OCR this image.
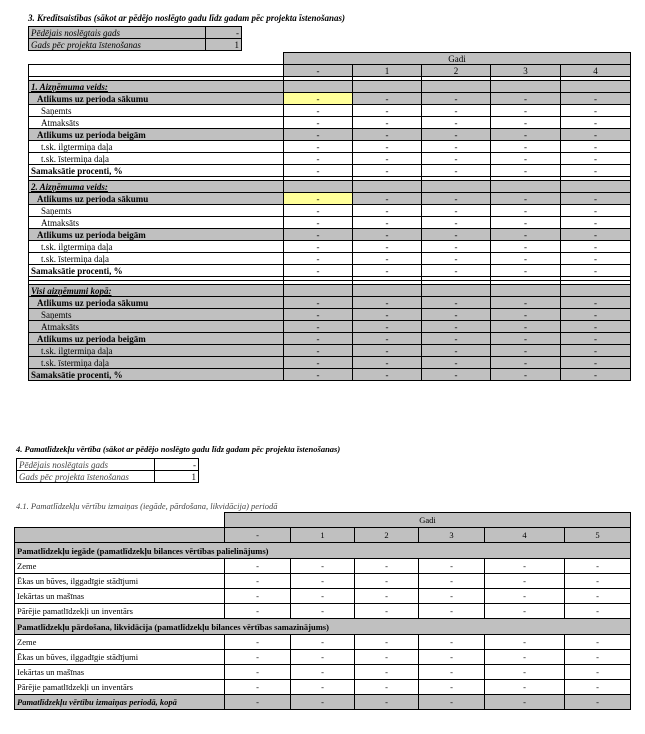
3. Kredītsaistības (sākot ar pēdējo noslēgto gadu līdz gadam pēc projekta īstenošanas)
Pēdējais noslēgtais gads	-
Gads pēc projekta īstenošanas	1
	Gadi				
	-	1	2	3	4

1. Aizņēmuma veids:					
Atlikums uz perioda sākumu	-	-	-	-	-
Saņemts	-	-	-	-	-
Atmaksāts	-	-	-	-	-
Atlikums uz perioda beigām	-	-	-	-	-
t.sk. ilgtermiņa daļa	-	-	-	-	-
t.sk. īstermiņa daļa	-	-	-	-	-
Samaksātie procenti, %	-	-	-	-	-

2. Aizņēmuma veids:					
Atlikums uz perioda sākumu	-	-	-	-	-
Saņemts	-	-	-	-	-
Atmaksāts	-	-	-	-	-
Atlikums uz perioda beigām	-	-	-	-	-
t.sk. ilgtermiņa daļa	-	-	-	-	-
t.sk. īstermiņa daļa	-	-	-	-	-
Samaksātie procenti, %	-	-	-	-	-

Visi aizņēmumi kopā:					
Atlikums uz perioda sākumu	-	-	-	-	-
Saņemts	-	-	-	-	-
Atmaksāts	-	-	-	-	-
Atlikums uz perioda beigām	-	-	-	-	-
t.sk. ilgtermiņa daļa	-	-	-	-	-
t.sk. īstermiņa daļa	-	-	-	-	-
Samaksātie procenti, %	-	-	-	-	-
4. Pamatlīdzekļu vērtība (sākot ar pēdējo noslēgto gadu līdz gadam pēc projekta īstenošanas)
Pēdējais noslēgtais gads	-
Gads pēc projekta īstenošanas	1
4.1. Pamatlīdzekļu vērtību izmaiņas (iegāde, pārdošana, likvidācija) periodā
	Gadi					
	-	1	2	3	4	5
Pamatlīdzekļu iegāde (pamatlīdzekļu bilances vērtības palielinājums)						
Zeme	-	-	-	-	-	-
Ēkas un būves, ilggadīgie stādījumi	-	-	-	-	-	-
Iekārtas un mašīnas	-	-	-	-	-	-
Pārējie pamatlīdzekļi un inventārs	-	-	-	-	-	-
Pamatlīdzekļu pārdošana, likvidācija (pamatlīdzekļu bilances vērtības samazinājums)						
Zeme	-	-	-	-	-	-
Ēkas un būves, ilggadīgie stādījumi	-	-	-	-	-	-
Iekārtas un mašīnas	-	-	-	-	-	-
Pārējie pamatlīdzekļi un inventārs	-	-	-	-	-	-
Pamatlīdzekļu vērtību izmaiņas periodā, kopā	-	-	-	-	-	-
